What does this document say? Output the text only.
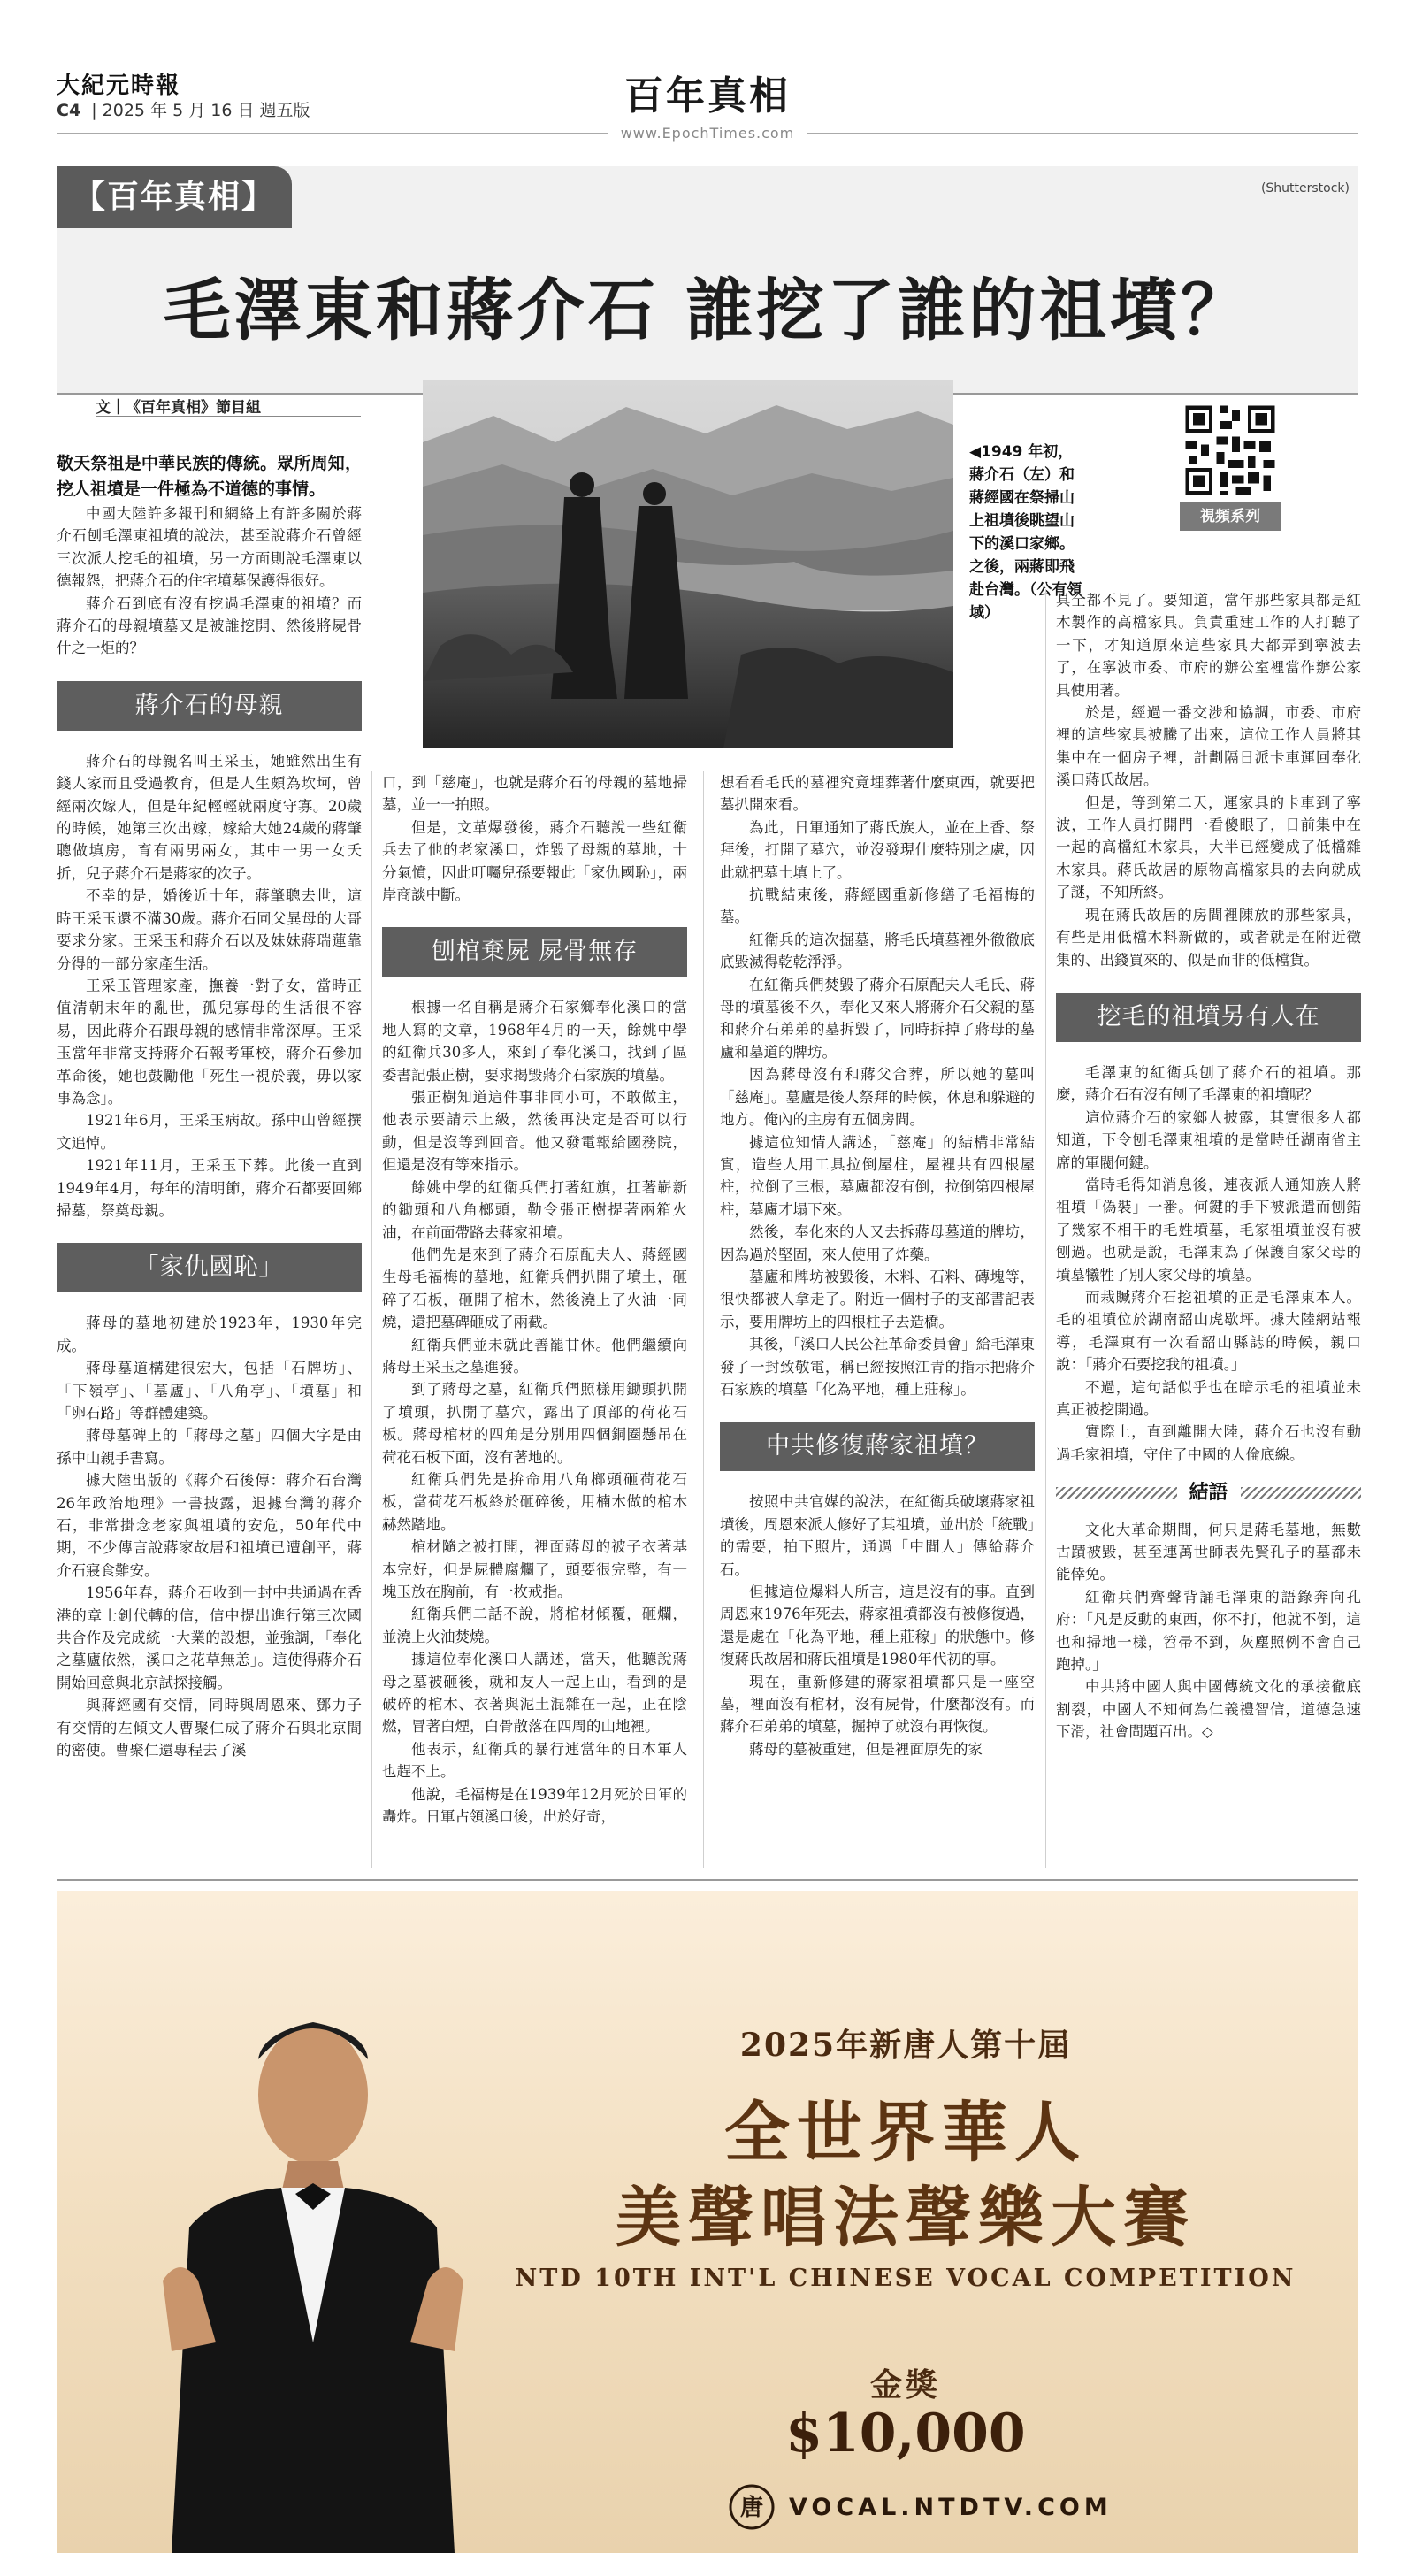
大紀元時報
C4 | 2025 年 5 月 16 日 週五版	百年真相
www.EpochTimes.com
【百年真相】	(Shutterstock)
毛澤東和蔣介石 誰挖了誰的祖墳？
文｜《百年真相》節目組
◀1949 年初，蔣介石（左）和蔣經國在祭掃山上祖墳後眺望山下的溪口家鄉。之後，兩蔣即飛赴台灣。（公有領域）
視頻系列

敬天祭祖是中華民族的傳統。眾所周知，挖人祖墳是一件極為不道德的事情。

中國大陸許多報刊和網絡上有許多關於蔣介石刨毛澤東祖墳的說法，甚至說蔣介石曾經三次派人挖毛的祖墳，另一方面則說毛澤東以德報怨，把蔣介石的住宅墳墓保護得很好。

蔣介石到底有沒有挖過毛澤東的祖墳？而蔣介石的母親墳墓又是被誰挖開、然後將屍骨什之一炬的？

蔣介石的母親

蔣介石的母親名叫王采玉，她雖然出生有錢人家而且受過教育，但是人生頗為坎坷，曾經兩次嫁人，但是年紀輕輕就兩度守寡。20歲的時候，她第三次出嫁，嫁給大她24歲的蔣肇聰做填房，育有兩男兩女，其中一男一女夭折，兒子蔣介石是蔣家的次子。

不幸的是，婚後近十年，蔣肇聰去世，這時王采玉還不滿30歲。蔣介石同父異母的大哥要求分家。王采玉和蔣介石以及妹妹蔣瑞蓮靠分得的一部分家產生活。

王采玉管理家產，撫養一對子女，當時正值清朝末年的亂世，孤兒寡母的生活很不容易，因此蔣介石跟母親的感情非常深厚。王采玉當年非常支持蔣介石報考軍校，蔣介石參加革命後，她也鼓勵他「死生一視於義，毋以家事為念」。

1921年6月，王采玉病故。孫中山曾經撰文追悼。

1921年11月，王采玉下葬。此後一直到1949年4月，每年的清明節，蔣介石都要回鄉掃墓，祭奠母親。

「家仇國恥」

蔣母的墓地初建於1923年，1930年完成。

蔣母墓道構建很宏大，包括「石牌坊」、「下嶺亭」、「墓廬」、「八角亭」、「墳墓」和「卵石路」等群體建築。

蔣母墓碑上的「蔣母之墓」四個大字是由孫中山親手書寫。

據大陸出版的《蔣介石後傳：蔣介石台灣26年政治地理》一書披露，退據台灣的蔣介石，非常掛念老家與祖墳的安危，50年代中期，不少傳言說蔣家故居和祖墳已遭創平，蔣介石寢食難安。

1956年春，蔣介石收到一封中共通過在香港的章士釗代轉的信，信中提出進行第三次國共合作及完成統一大業的設想，並強調，「奉化之墓廬依然，溪口之花草無恙」。這使得蔣介石開始回意與北京試探接觸。

與蔣經國有交情，同時與周恩來、鄧力子有交情的左傾文人曹聚仁成了蔣介石與北京間的密使。曹聚仁還專程去了溪

口，到「慈庵」，也就是蔣介石的母親的墓地掃墓，並一一拍照。

但是，文革爆發後，蔣介石聽說一些紅衛兵去了他的老家溪口，炸毀了母親的墓地，十分氣憤，因此叮囑兒孫要報此「家仇國恥」，兩岸商談中斷。

刨棺棄屍 屍骨無存

根據一名自稱是蔣介石家鄉奉化溪口的當地人寫的文章，1968年4月的一天，餘姚中學的紅衛兵30多人，來到了奉化溪口，找到了區委書記張正樹，要求揭毀蔣介石家族的墳墓。

張正樹知道這件事非同小可，不敢做主，他表示要請示上級，然後再決定是否可以行動，但是沒等到回音。他又發電報給國務院，但還是沒有等來指示。

餘姚中學的紅衛兵們打著紅旗，扛著嶄新的鋤頭和八角榔頭，勒令張正樹提著兩箱火油，在前面帶路去蔣家祖墳。

他們先是來到了蔣介石原配夫人、蔣經國生母毛福梅的墓地，紅衛兵們扒開了墳土，砸碎了石板，砸開了棺木，然後澆上了火油一同燒，還把墓碑砸成了兩截。

紅衛兵們並未就此善罷甘休。他們繼續向蔣母王采玉之墓進發。

到了蔣母之墓，紅衛兵們照樣用鋤頭扒開了墳頭，扒開了墓穴，露出了頂部的荷花石板。蔣母棺材的四角是分別用四個銅圈懸吊在荷花石板下面，沒有著地的。

紅衛兵們先是拚命用八角榔頭砸荷花石板，當荷花石板終於砸碎後，用楠木做的棺木赫然踏地。

棺材隨之被打開，裡面蔣母的被子衣著基本完好，但是屍體腐爛了，頭要很完整，有一塊玉放在胸前，有一枚戒指。

紅衛兵們二話不說，將棺材傾覆，砸爛，並澆上火油焚燒。

據這位奉化溪口人講述，當天，他聽說蔣母之墓被砸後，就和友人一起上山，看到的是破碎的棺木、衣著與泥土混雜在一起，正在陰燃，冒著白煙，白骨散落在四周的山地裡。

他表示，紅衛兵的暴行連當年的日本軍人也趕不上。

他說，毛福梅是在1939年12月死於日軍的轟炸。日軍占領溪口後，出於好奇，

想看看毛氏的墓裡究竟埋葬著什麼東西，就要把墓扒開來看。

為此，日軍通知了蔣氏族人，並在上香、祭拜後，打開了墓穴，並沒發現什麼特別之處，因此就把墓土填上了。

抗戰結束後，蔣經國重新修繕了毛福梅的墓。

紅衛兵的這次掘墓，將毛氏墳墓裡外徹徹底底毀滅得乾乾淨淨。

在紅衛兵們焚毀了蔣介石原配夫人毛氏、蔣母的墳墓後不久，奉化又來人將蔣介石父親的墓和蔣介石弟弟的墓拆毀了，同時拆掉了蔣母的墓廬和墓道的牌坊。

因為蔣母沒有和蔣父合葬，所以她的墓叫「慈庵」。墓廬是後人祭拜的時候，休息和躲避的地方。俺內的主房有五個房間。

據這位知情人講述，「慈庵」的結構非常結實，造些人用工具拉倒屋柱，屋裡共有四根屋柱，拉倒了三根，墓廬都沒有倒，拉倒第四根屋柱，墓廬才塌下來。

然後，奉化來的人又去拆蔣母墓道的牌坊，因為過於堅固，來人使用了炸藥。

墓廬和牌坊被毀後，木料、石料、磚塊等，很快都被人拿走了。附近一個村子的支部書記表示，要用牌坊上的四根柱子去造橋。

其後，「溪口人民公社革命委員會」給毛澤東發了一封致敬電，稱已經按照江青的指示把蔣介石家族的墳墓「化為平地，種上莊稼」。

中共修復蔣家祖墳？

按照中共官媒的說法，在紅衛兵破壞蔣家祖墳後，周恩來派人修好了其祖墳，並出於「統戰」的需要，拍下照片，通過「中間人」傳給蔣介石。

但據這位爆料人所言，這是沒有的事。直到周恩來1976年死去，蔣家祖墳都沒有被修復過，還是處在「化為平地，種上莊稼」的狀態中。修復蔣氏故居和蔣氏祖墳是1980年代初的事。

現在，重新修建的蔣家祖墳都只是一座空墓，裡面沒有棺材，沒有屍骨，什麼都沒有。而蔣介石弟弟的墳墓，掘掉了就沒有再恢復。

蔣母的墓被重建，但是裡面原先的家

具全都不見了。要知道，當年那些家具都是紅木製作的高檔家具。負責重建工作的人打聽了一下，才知道原來這些家具大都弄到寧波去了，在寧波市委、市府的辦公室裡當作辦公家具使用著。

於是，經過一番交涉和協調，市委、市府裡的這些家具被騰了出來，這位工作人員將其集中在一個房子裡，計劃隔日派卡車運回奉化溪口蔣氏故居。

但是，等到第二天，運家具的卡車到了寧波，工作人員打開門一看傻眼了，日前集中在一起的高檔紅木家具，大半已經變成了低檔雜木家具。蔣氏故居的原物高檔家具的去向就成了謎，不知所終。

現在蔣氏故居的房間裡陳放的那些家具，有些是用低檔木料新做的，或者就是在附近徵集的、出錢買來的、似是而非的低檔貨。

挖毛的祖墳另有人在

毛澤東的紅衛兵刨了蔣介石的祖墳。那麼，蔣介石有沒有刨了毛澤東的祖墳呢？

這位蔣介石的家鄉人披露，其實很多人都知道，下令刨毛澤東祖墳的是當時任湖南省主席的軍閥何鍵。

當時毛得知消息後，連夜派人通知族人將祖墳「偽裝」一番。何鍵的手下被派遣而刨錯了幾家不相干的毛姓墳墓，毛家祖墳並沒有被刨過。也就是說，毛澤東為了保護自家父母的墳墓犧牲了別人家父母的墳墓。

而栽贓蔣介石挖祖墳的正是毛澤東本人。毛的祖墳位於湖南韶山虎歇坪。據大陸網站報導，毛澤東有一次看韶山縣誌的時候，親口說：「蔣介石要挖我的祖墳。」

不過，這句話似乎也在暗示毛的祖墳並未真正被挖開過。

實際上，直到離開大陸，蔣介石也沒有動過毛家祖墳，守住了中國的人倫底線。

結語

文化大革命期間，何只是蔣毛墓地，無數古蹟被毀，甚至連萬世師表先賢孔子的墓都未能倖免。

紅衛兵們齊聲背誦毛澤東的語錄奔向孔府：「凡是反動的東西，你不打，他就不倒，這也和掃地一樣，笤帚不到，灰塵照例不會自己跑掉。」

中共將中國人與中國傳統文化的承接徹底割裂，中國人不知何為仁義禮智信，道德急速下滑，社會問題百出。◇

2025年新唐人第十屆
全世界華人
美聲唱法聲樂大賽
NTD 10TH INT'L CHINESE VOCAL COMPETITION
金獎
$10,000
唐 VOCAL.NTDTV.COM
